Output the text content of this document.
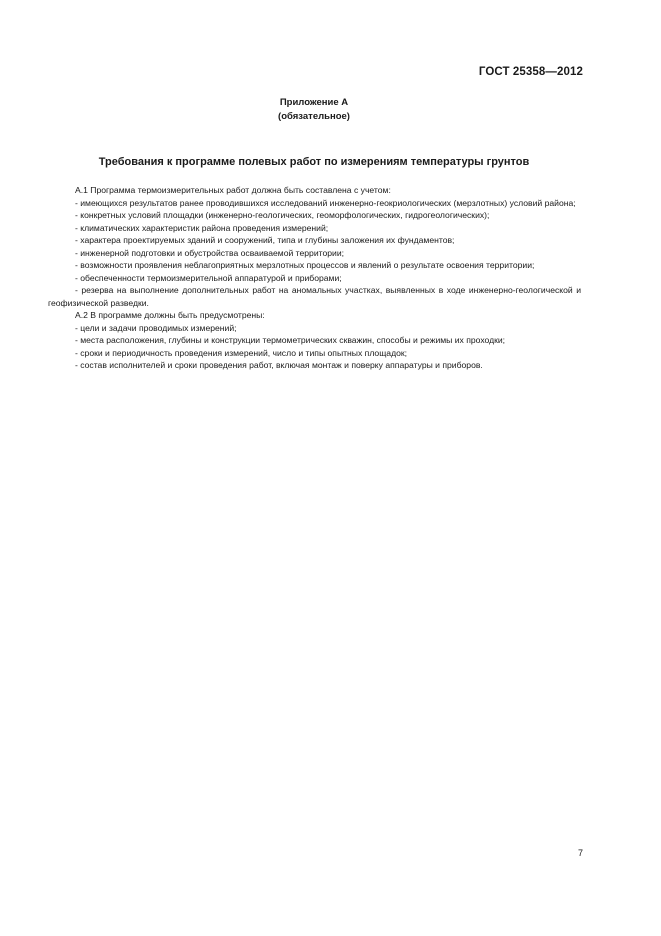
ГОСТ 25358—2012
Приложение А
(обязательное)
Требования к программе полевых работ по измерениям температуры грунтов

А.1 Программа термоизмерительных работ должна быть составлена с учетом:

- имеющихся результатов ранее проводившихся исследований инженерно-геокриологических (мерзлотных) условий района;

- конкретных условий площадки (инженерно-геологических, геоморфологических, гидрогеологических);

- климатических характеристик района проведения измерений;

- характера проектируемых зданий и сооружений, типа и глубины заложения их фундаментов;

- инженерной подготовки и обустройства осваиваемой территории;

- возможности проявления неблагоприятных мерзлотных процессов и явлений о результате освоения территории;

- обеспеченности термоизмерительной аппаратурой и приборами;

- резерва на выполнение дополнительных работ на аномальных участках, выявленных в ходе инженерно-геологической и геофизической разведки.

А.2 В программе должны быть предусмотрены:

- цели и задачи проводимых измерений;

- места расположения, глубины и конструкции термометрических скважин, способы и режимы их проходки;

- сроки и периодичность проведения измерений, число и типы опытных площадок;

- состав исполнителей и сроки проведения работ, включая монтаж и поверку аппаратуры и приборов.

7
